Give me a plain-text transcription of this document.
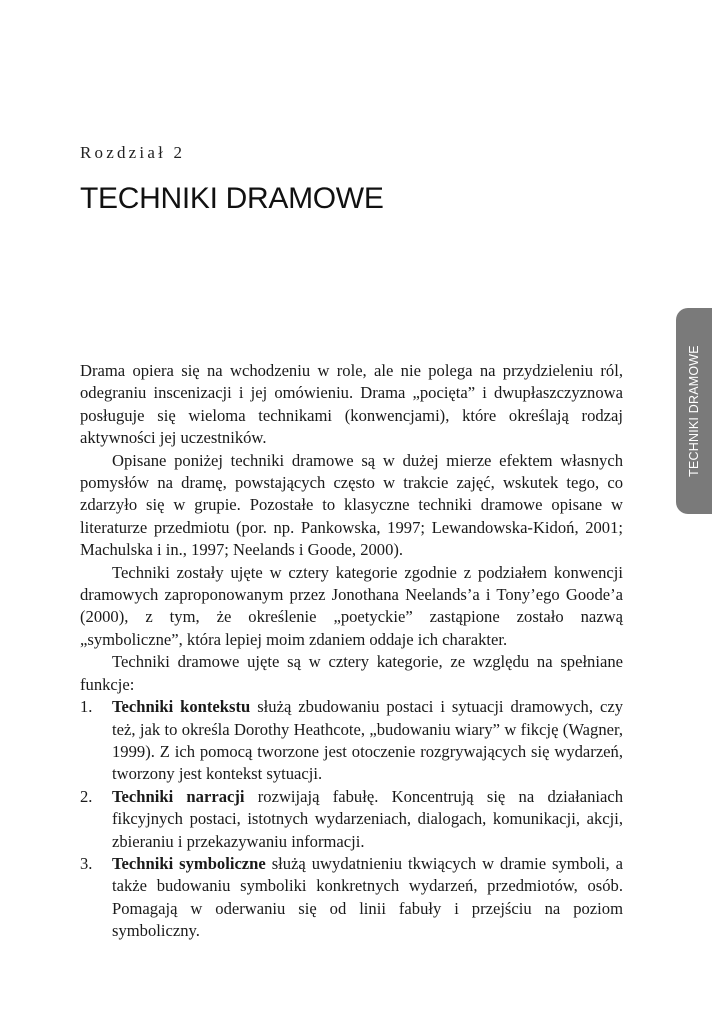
Rozdział 2
TECHNIKI DRAMOWE
TECHNIKI DRAMOWE

Drama opiera się na wchodzeniu w role, ale nie polega na przydzieleniu ról, odegraniu inscenizacji i jej omówieniu. Drama „pocięta” i dwupłaszczyznowa posługuje się wieloma technikami (konwencjami), które określają rodzaj aktywności jej uczestników.

Opisane poniżej techniki dramowe są w dużej mierze efektem własnych pomysłów na dramę, powstających często w trakcie zajęć, wskutek tego, co zdarzyło się w grupie. Pozostałe to klasyczne techniki dramowe opisane w literaturze przedmiotu (por. np. Pankowska, 1997; Lewandowska-Kidoń, 2001; Machulska i in., 1997; Neelands i Goode, 2000).

Techniki zostały ujęte w cztery kategorie zgodnie z podziałem konwencji dramowych zaproponowanym przez Jonothana Neelands’a i Tony’ego Goode’a (2000), z tym, że określenie „poetyckie” zastąpione zostało nazwą „symboliczne”, która lepiej moim zdaniem oddaje ich charakter.

Techniki dramowe ujęte są w cztery kategorie, ze względu na spełniane funkcje:

1. Techniki kontekstu służą zbudowaniu postaci i sytuacji dramowych, czy też, jak to określa Dorothy Heathcote, „budowaniu wiary” w fikcję (Wagner, 1999). Z ich pomocą tworzone jest otoczenie rozgrywających się wydarzeń, tworzony jest kontekst sytuacji.
2. Techniki narracji rozwijają fabułę. Koncentrują się na działaniach fikcyjnych postaci, istotnych wydarzeniach, dialogach, komunikacji, akcji, zbieraniu i przekazywaniu informacji.
3. Techniki symboliczne służą uwydatnieniu tkwiących w dramie symboli, a także budowaniu symboliki konkretnych wydarzeń, przedmiotów, osób. Pomagają w oderwaniu się od linii fabuły i przejściu na poziom symboliczny.
